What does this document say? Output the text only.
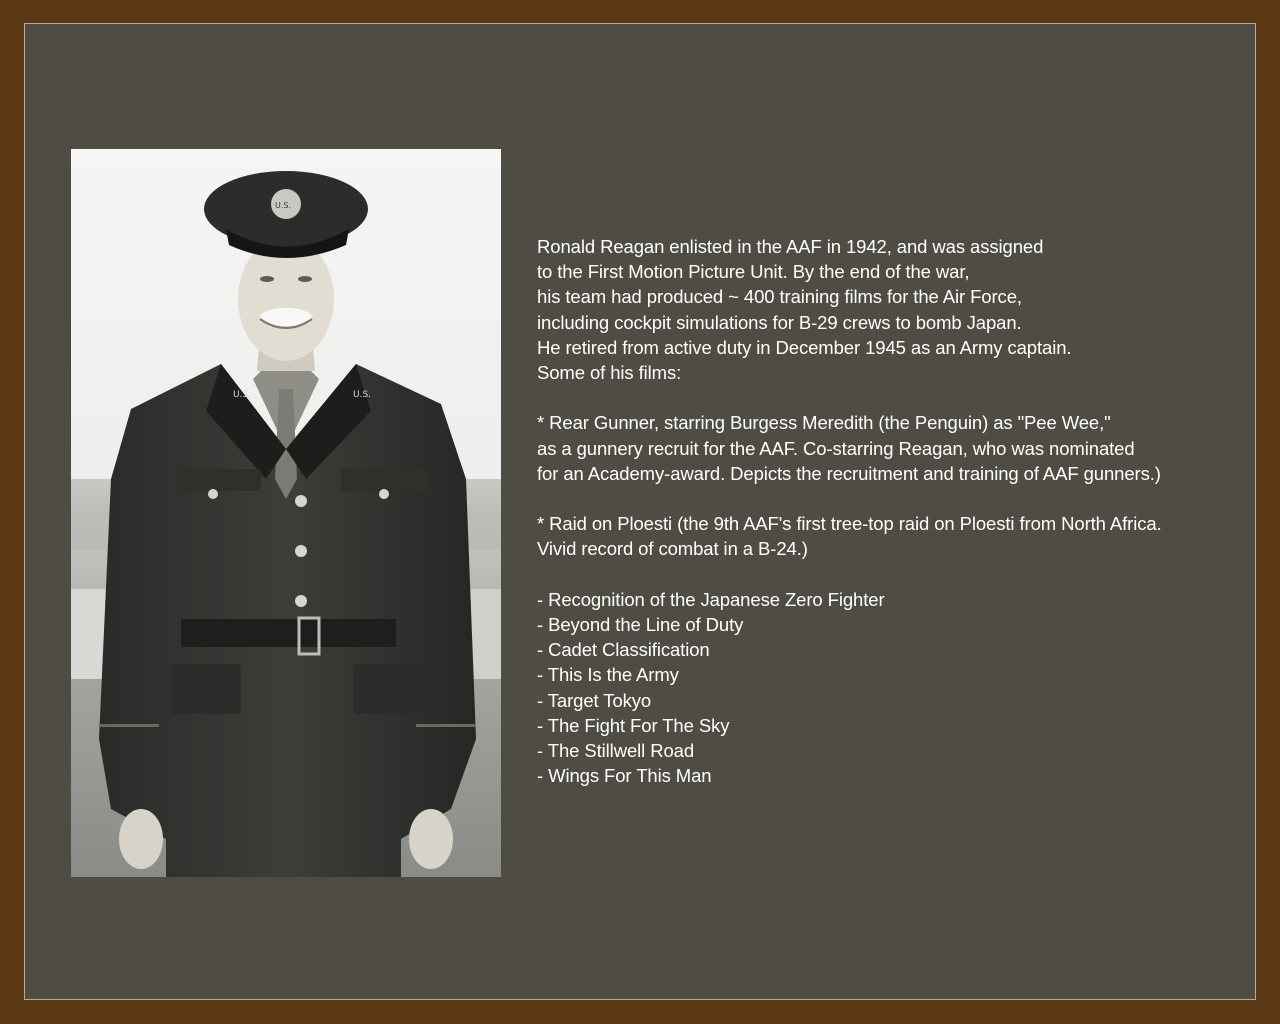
U.S.	U.S.
U.S.
Ronald Reagan enlisted in the AAF in 1942, and was assigned
to the First Motion Picture Unit. By the end of the war,
his team had produced ~ 400 training films for the Air Force,
including cockpit simulations for B-29 crews to bomb Japan.
He retired from active duty in December 1945 as an Army captain.
Some of his films:
* Rear Gunner, starring Burgess Meredith (the Penguin) as "Pee Wee,"
as a gunnery recruit for the AAF. Co-starring Reagan, who was nominated
for an Academy-award. Depicts the recruitment and training of AAF gunners.)
* Raid on Ploesti (the 9th AAF's first tree-top raid on Ploesti from North Africa.
Vivid record of combat in a B-24.)
- Recognition of the Japanese Zero Fighter
- Beyond the Line of Duty
- Cadet Classification
- This Is the Army
- Target Tokyo
- The Fight For The Sky
- The Stillwell Road
- Wings For This Man
